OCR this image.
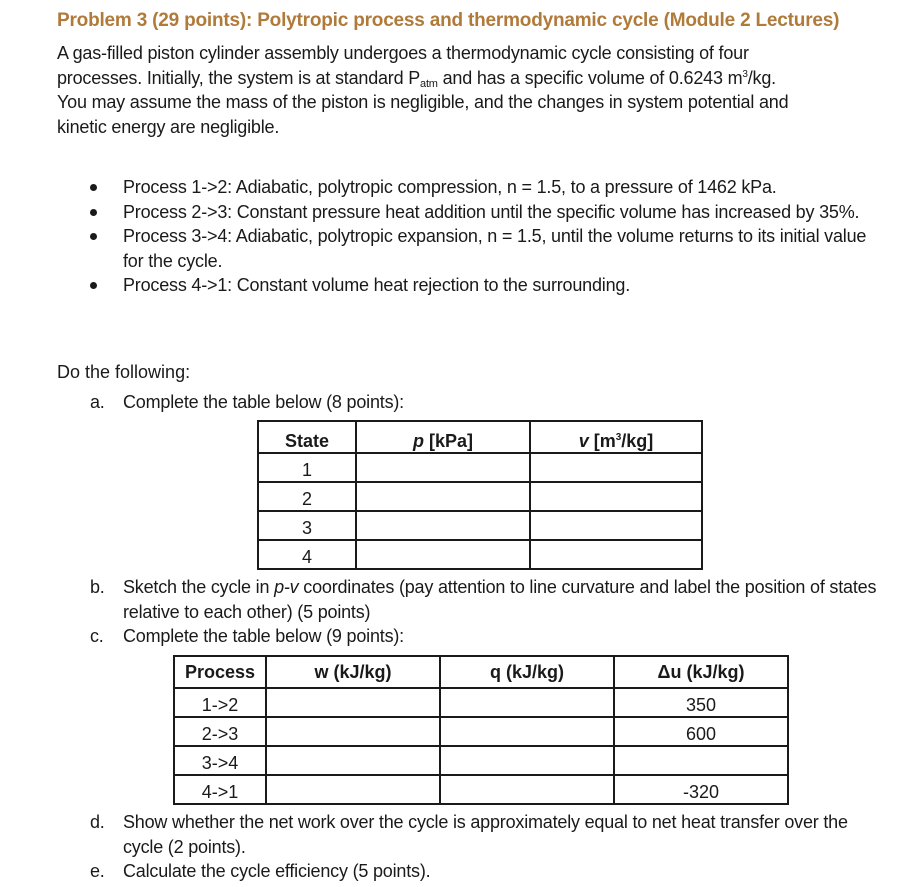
Problem 3 (29 points): Polytropic process and thermodynamic cycle (Module 2 Lectures)
A gas-filled piston cylinder assembly undergoes a thermodynamic cycle consisting of four
processes. Initially, the system is at standard $P_{atm}$ and has a specific volume of 0.6243 $m^3/kg$.
You may assume the mass of the piston is negligible, and the changes in system potential and
kinetic energy are negligible.
Process 1->2: Adiabatic, polytropic compression, n = 1.5, to a pressure of 1462 kPa.
Process 2->3: Constant pressure heat addition until the specific volume has increased by 35%.
Process 3->4: Adiabatic, polytropic expansion, n = 1.5, until the volume returns to its initial value for the cycle.
Process 4->1: Constant volume heat rejection to the surrounding.
Do the following:
a. Complete the table below (8 points):
State	p [kPa]	v $[m^3/kg]$
1		
2		
3		
4		
b. Sketch the cycle in p-v coordinates (pay attention to line curvature and label the position of states relative to each other) (5 points)
c. Complete the table below (9 points):
Process	w (kJ/kg)	q (kJ/kg)	Δu (kJ/kg)
1->2			350
2->3			600
3->4			
4->1			-320
d. Show whether the net work over the cycle is approximately equal to net heat transfer over the cycle (2 points).
e. Calculate the cycle efficiency (5 points).
